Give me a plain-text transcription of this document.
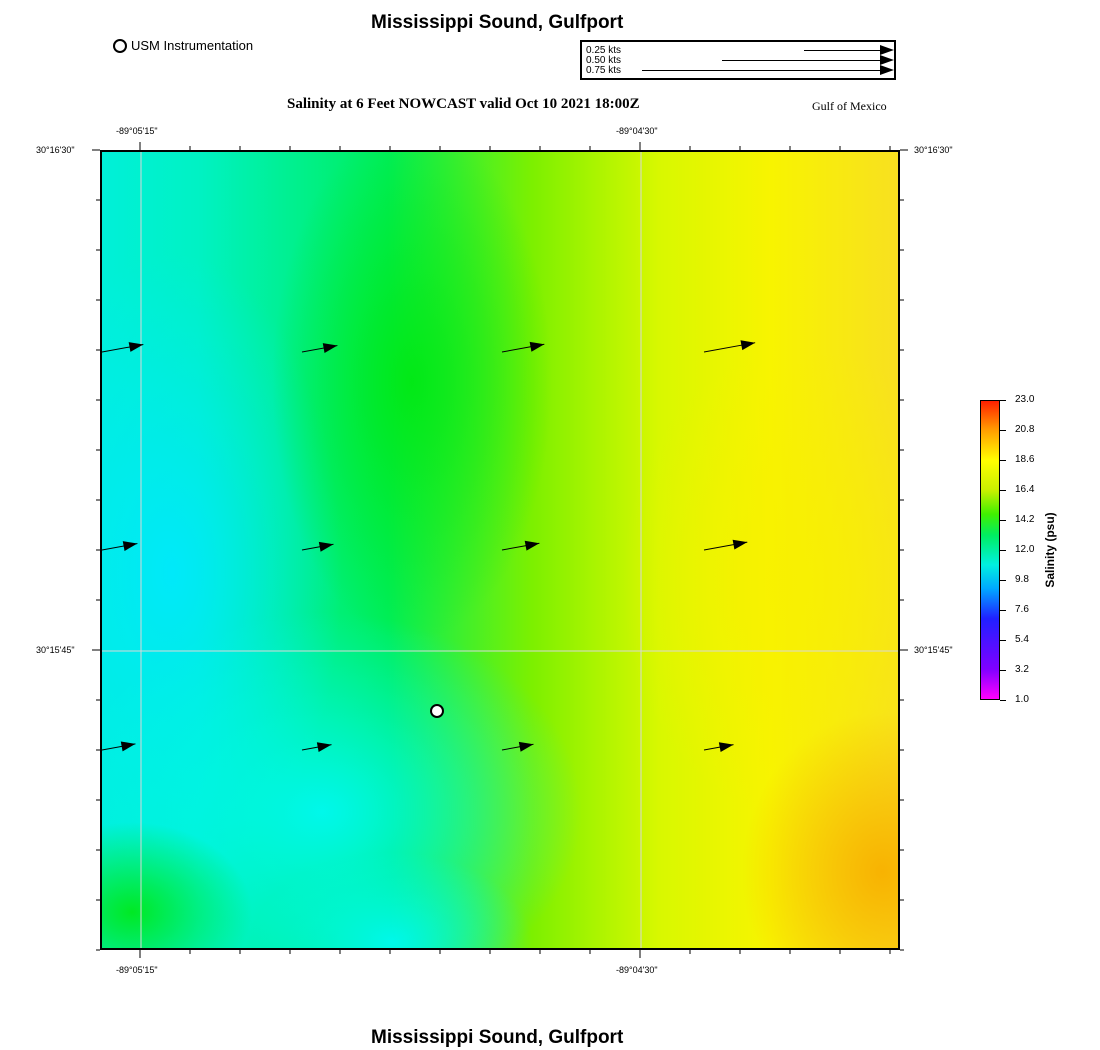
Mississippi Sound, Gulfport
USM Instrumentation	0.25 kts
0.50 kts
0.75 kts
Salinity at 6 Feet NOWCAST valid Oct 10 2021 18:00Z	Gulf of Mexico
-89°05'15"	-89°04'30"
-89°05'15"	-89°04'30"
30°16'30"
30°15'45"
30°16'30"
30°15'45"
23.0
20.8
18.6
16.4
14.2
12.0
9.8
7.6
5.4
3.2
1.0
Salinity (psu)
Mississippi Sound, Gulfport
